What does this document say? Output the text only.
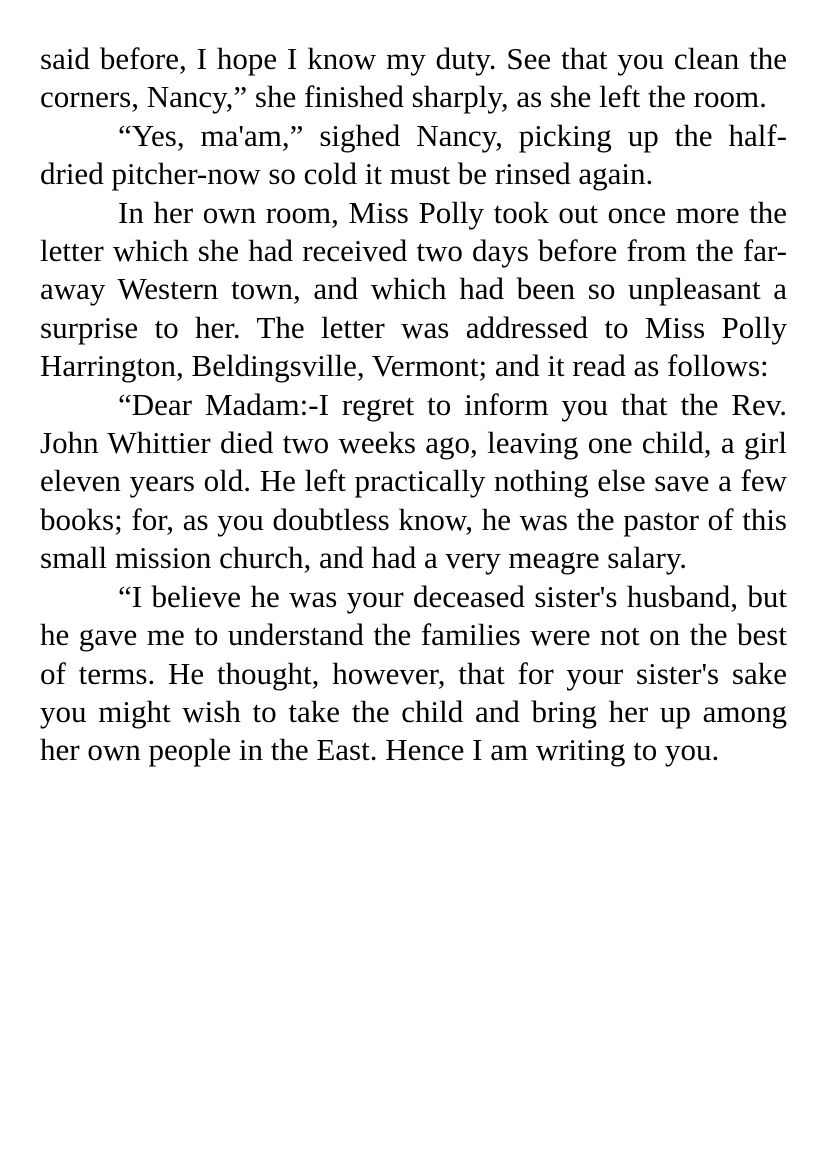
said before, I hope I know my duty. See that you clean the corners, Nancy,” she finished sharply, as she left the room.

“Yes, ma'am,” sighed Nancy, picking up the half-dried pitcher-now so cold it must be rinsed again.

In her own room, Miss Polly took out once more the letter which she had received two days before from the far-away Western town, and which had been so unpleasant a surprise to her. The letter was addressed to Miss Polly Harrington, Beldingsville, Vermont; and it read as follows:

“Dear Madam:-I regret to inform you that the Rev. John Whittier died two weeks ago, leaving one child, a girl eleven years old. He left practically nothing else save a few books; for, as you doubtless know, he was the pastor of this small mission church, and had a very meagre salary.

“I believe he was your deceased sister's husband, but he gave me to understand the families were not on the best of terms. He thought, however, that for your sister's sake you might wish to take the child and bring her up among her own people in the East. Hence I am writing to you.
